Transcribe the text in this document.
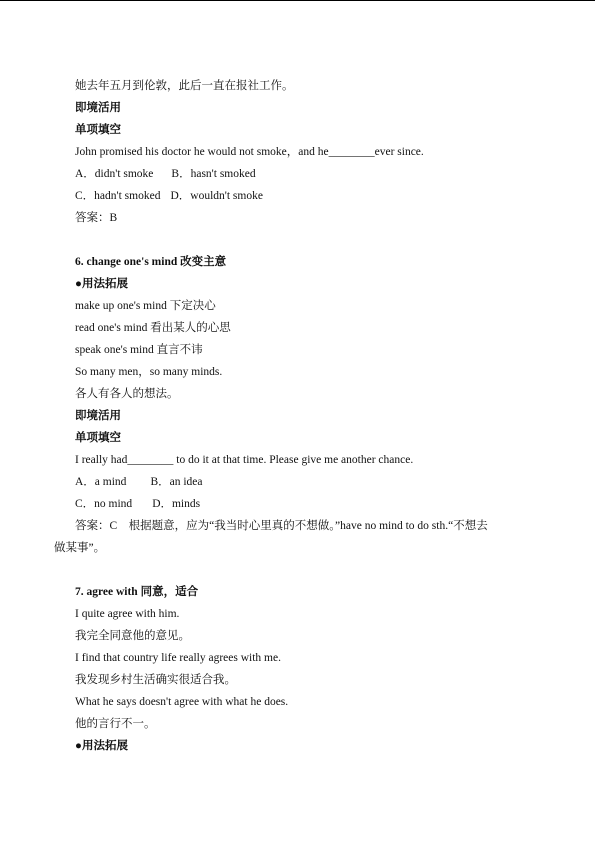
她去年五月到伦敦，此后一直在报社工作。
即境活用
单项填空
John promised his doctor he would not smoke，and he________ever since.
A．didn't smoke B．hasn't smoked
C．hadn't smoked D．wouldn't smoke
答案：B
6. change one's mind 改变主意
●用法拓展
make up one's mind 下定决心
read one's mind 看出某人的心思
speak one's mind 直言不讳
So many men，so many minds.
各人有各人的想法。
即境活用
单项填空
I really had________ to do it at that time. Please give me another chance.
A．a mind B．an idea
C．no mind D．minds
答案：C　根据题意，应为“我当时心里真的不想做。”have no mind to do sth.“不想去
做某事”。
7. agree with 同意，适合
I quite agree with him.
我完全同意他的意见。
I find that country life really agrees with me.
我发现乡村生活确实很适合我。
What he says doesn't agree with what he does.
他的言行不一。
●用法拓展
